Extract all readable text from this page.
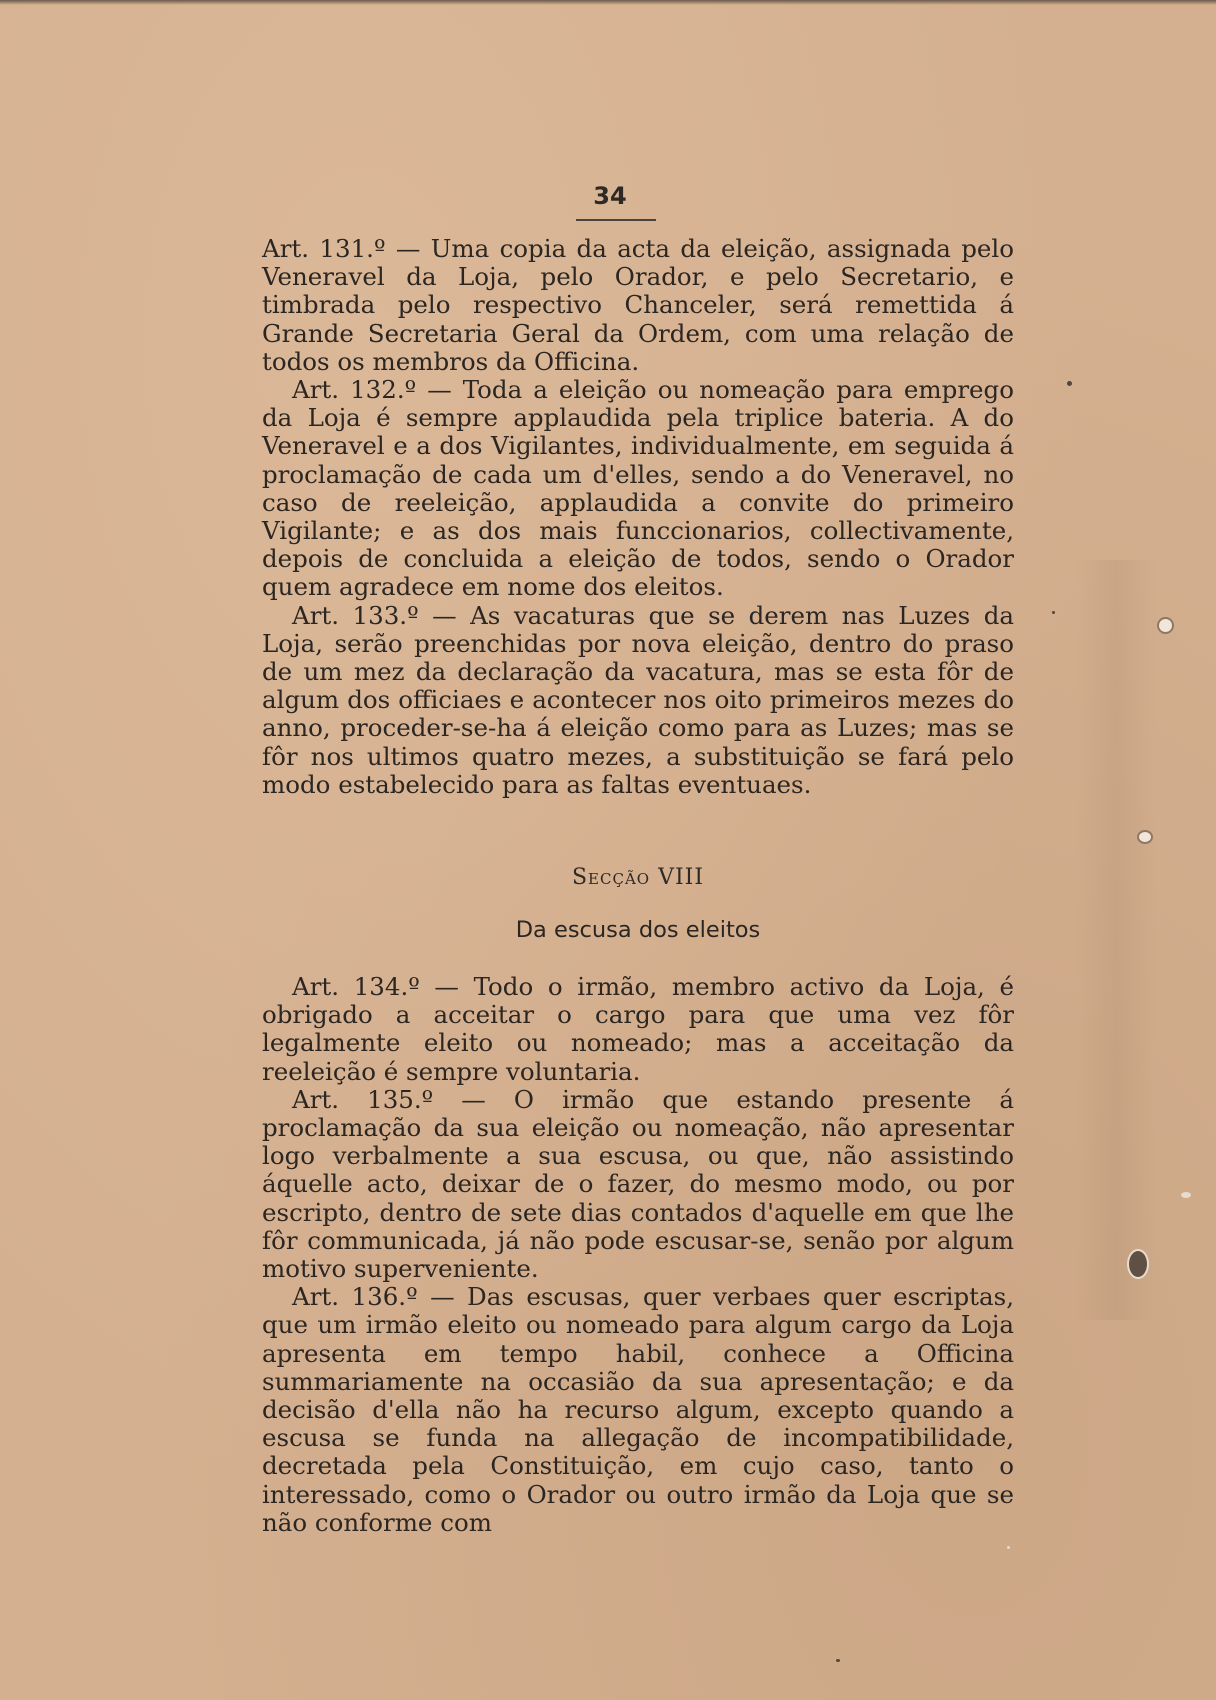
34

Art. 131.º — Uma copia da acta da eleição, assignada pelo Veneravel da Loja, pelo Orador, e pelo Secretario, e timbrada pelo respectivo Chanceler, será remettida á Grande Secretaria Geral da Ordem, com uma relação de todos os membros da Officina.

Art. 132.º — Toda a eleição ou nomeação para emprego da Loja é sempre applaudida pela triplice bateria. A do Veneravel e a dos Vigilantes, individualmente, em seguida á proclamação de cada um d'elles, sendo a do Veneravel, no caso de reeleição, applaudida a convite do primeiro Vigilante; e as dos mais funccionarios, collectivamente, depois de concluida a eleição de todos, sendo o Orador quem agradece em nome dos eleitos.

Art. 133.º — As vacaturas que se derem nas Luzes da Loja, serão preenchidas por nova eleição, dentro do praso de um mez da declaração da vacatura, mas se esta fôr de algum dos officiaes e acontecer nos oito primeiros mezes do anno, proceder-se-ha á eleição como para as Luzes; mas se fôr nos ultimos quatro mezes, a substituição se fará pelo modo estabelecido para as faltas eventuaes.

Secção VIII
Da escusa dos eleitos

Art. 134.º — Todo o irmão, membro activo da Loja, é obrigado a acceitar o cargo para que uma vez fôr legalmente eleito ou nomeado; mas a acceitação da reeleição é sempre voluntaria.

Art. 135.º — O irmão que estando presente á proclamação da sua eleição ou nomeação, não apresentar logo verbalmente a sua escusa, ou que, não assistindo áquelle acto, deixar de o fazer, do mesmo modo, ou por escripto, dentro de sete dias contados d'aquelle em que lhe fôr communicada, já não pode escusar-se, senão por algum motivo superveniente.

Art. 136.º — Das escusas, quer verbaes quer escriptas, que um irmão eleito ou nomeado para algum cargo da Loja apresenta em tempo habil, conhece a Officina summariamente na occasião da sua apresentação; e da decisão d'ella não ha recurso algum, excepto quando a escusa se funda na allegação de incompatibilidade, decretada pela Constituição, em cujo caso, tanto o interessado, como o Orador ou outro irmão da Loja que se não conforme com
